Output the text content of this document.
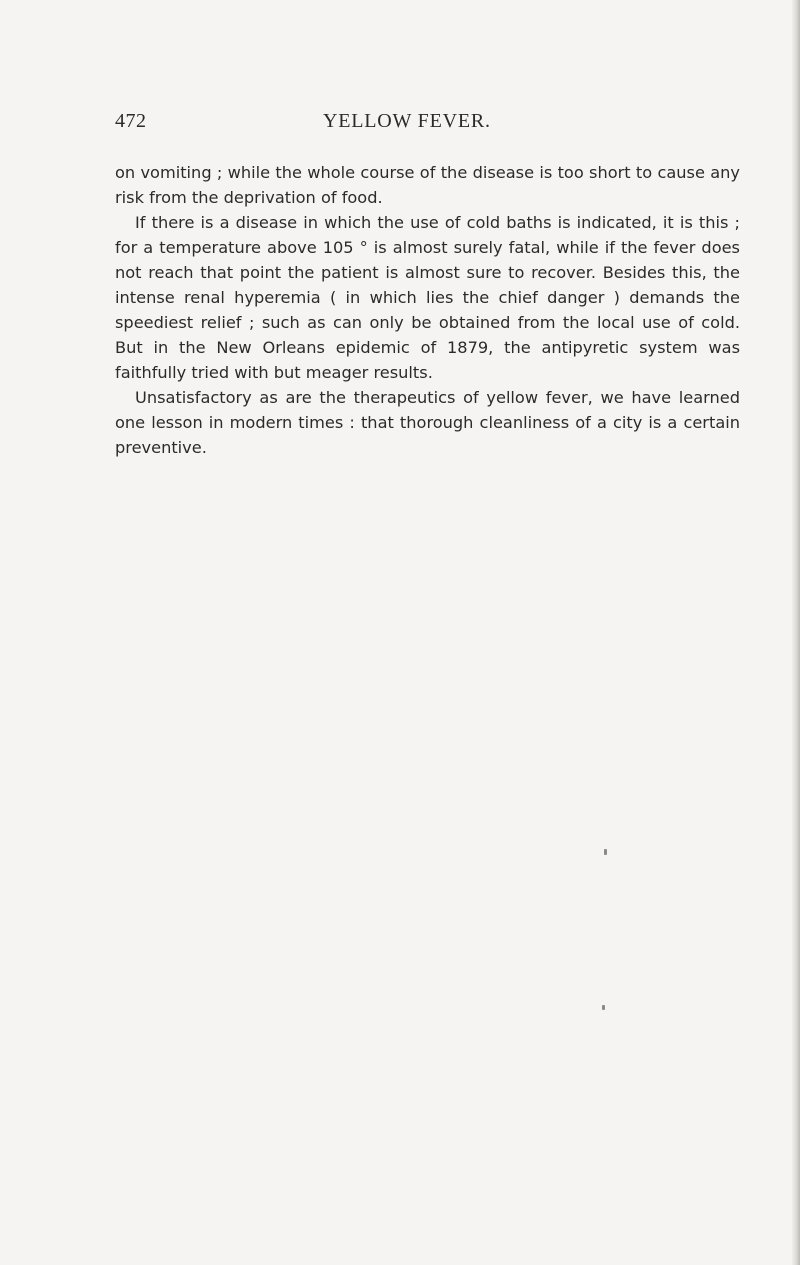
472	YELLOW FEVER.

on vomiting ; while the whole course of the disease is too short to cause any risk from the deprivation of food.

If there is a disease in which the use of cold baths is indicated, it is this ; for a temperature above 105 ° is almost surely fatal, while if the fever does not reach that point the patient is almost sure to recover. Besides this, the intense renal hyperemia ( in which lies the chief danger ) demands the speediest relief ; such as can only be obtained from the local use of cold. But in the New Orleans epidemic of 1879, the antipyretic system was faithfully tried with but meager results.

Unsatisfactory as are the therapeutics of yellow fever, we have learned one lesson in modern times : that thorough cleanliness of a city is a certain preventive.
